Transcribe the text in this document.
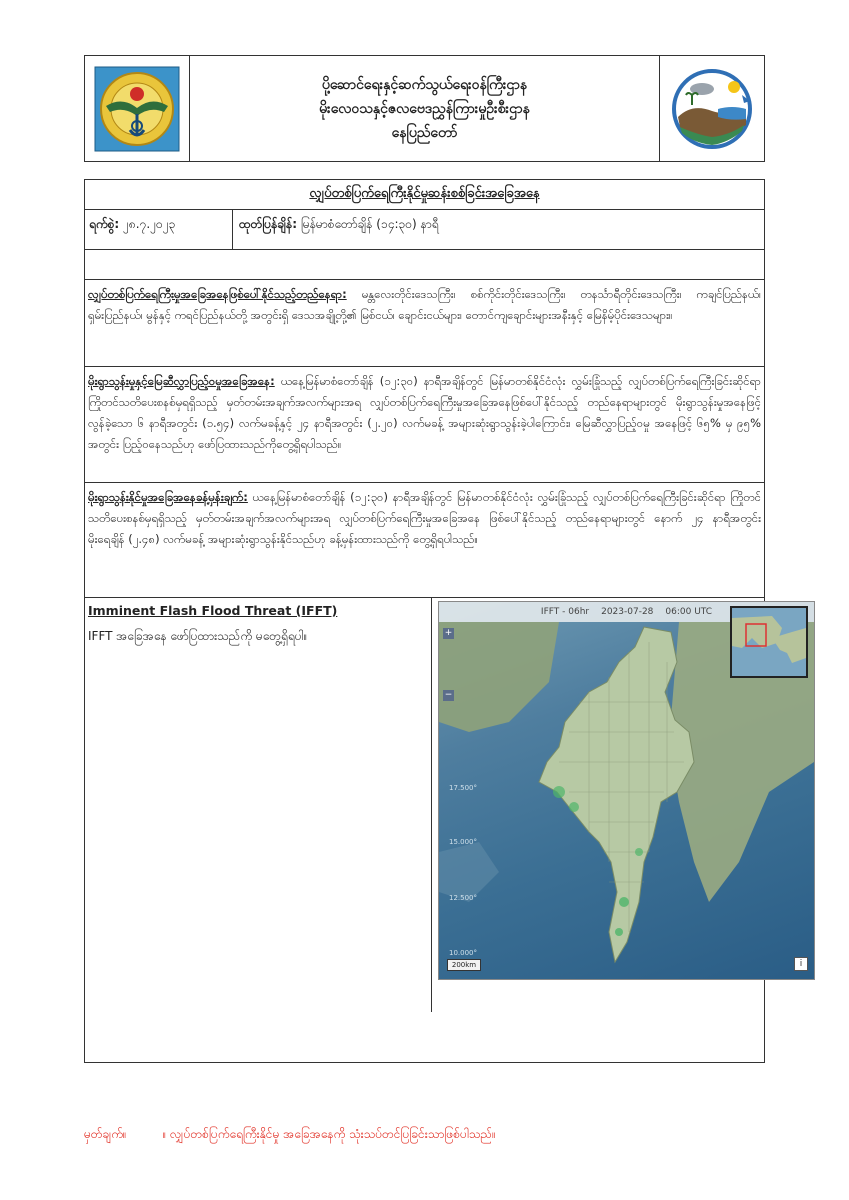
ပို့ဆောင်ရေးနှင့်ဆက်သွယ်ရေးဝန်ကြီးဌာန
မိုးလေဝသနှင့်ဇလဗေဒညွှန်ကြားမှုဦးစီးဌာန
နေပြည်တော်
လျှပ်တစ်ပြက်ရေကြီးနိုင်မှုဆန်းစစ်ခြင်းအခြေအနေ
ရက်စွဲ: ၂၈.၇.၂၀၂၃	ထုတ်ပြန်ချိန်: မြန်မာစံတော်ချိန် (၁၄:၃၀) နာရီ
လျှပ်တစ်ပြက်ရေကြီးမှုအခြေအနေဖြစ်ပေါ်နိုင်သည့်တည်နေရာ: မန္တလေးတိုင်းဒေသကြီး၊ စစ်ကိုင်းတိုင်းဒေသကြီး၊ တနင်္သာရီတိုင်းဒေသကြီး၊ ကချင်ပြည်နယ်၊ ရှမ်းပြည်နယ်၊ မွန်နှင့် ကရင်ပြည်နယ်တို့ အတွင်းရှိ ဒေသအချို့တို့၏ မြစ်ငယ်၊ ချောင်းငယ်များ၊ တောင်ကျချောင်းများအနီးနှင့် မြေနိမ့်ပိုင်းဒေသများ။
မိုးရွာသွန်းမှုနှင့်မြေဆီလွှာပြည့်ဝမှုအခြေအနေ: ယနေ့မြန်မာစံတော်ချိန် (၁၂:၃၀) နာရီအချိန်တွင် မြန်မာတစ်နိုင်ငံလုံး လွှမ်းခြုံသည့် လျှပ်တစ်ပြက်ရေကြီးခြင်းဆိုင်ရာ ကြိုတင်သတိပေးစနစ်မှရရှိသည့် မှတ်တမ်းအချက်အလက်များအရ လျှပ်တစ်ပြက်ရေကြီးမှုအခြေအနေဖြစ်ပေါ်နိုင်သည့် တည်နေရာများတွင် မိုးရွာသွန်းမှုအနေဖြင့် လွန်ခဲ့သော ၆ နာရီအတွင်း (၁.၅၄) လက်မခန့်နှင့် ၂၄ နာရီအတွင်း (၂.၂၀) လက်မခန့် အများဆုံးရွာသွန်းခဲ့ပါကြောင်း၊ မြေဆီလွှာပြည့်ဝမှု အနေဖြင့် ၆၅% မှ ၉၅% အတွင်း ပြည့်ဝနေသည်ဟု ဖော်ပြထားသည်ကိုတွေ့ရှိရပါသည်။
မိုးရွာသွန်းနိုင်မှုအခြေအနေခန့်မှန်းချက်: ယနေ့မြန်မာစံတော်ချိန် (၁၂:၃၀) နာရီအချိန်တွင် မြန်မာတစ်နိုင်ငံလုံး လွှမ်းခြုံသည့် လျှပ်တစ်ပြက်ရေကြီးခြင်းဆိုင်ရာ ကြိုတင်သတိပေးစနစ်မှရရှိသည့် မှတ်တမ်းအချက်အလက်များအရ လျှပ်တစ်ပြက်ရေကြီးမှုအခြေအနေ ဖြစ်ပေါ်နိုင်သည့် တည်နေရာများတွင် နောက် ၂၄ နာရီအတွင်း မိုးရေချိန် (၂.၄၈) လက်မခန့် အများဆုံးရွာသွန်းနိုင်သည်ဟု ခန့်မှန်းထားသည်ကို တွေ့ရှိရပါသည်။
Imminent Flash Flood Threat (IFFT)
IFFT အခြေအနေ ဖော်ပြထားသည်ကို မတွေ့ရှိရပါ။
IFFT - 06hr 2023-07-28 06:00 UTC
+
−
17.500°
15.000°
12.500°
10.000°
200km	i
မှတ်ချက်။	။ လျှပ်တစ်ပြက်ရေကြီးနိုင်မှု အခြေအနေကို သုံးသပ်တင်ပြခြင်းသာဖြစ်ပါသည်။
